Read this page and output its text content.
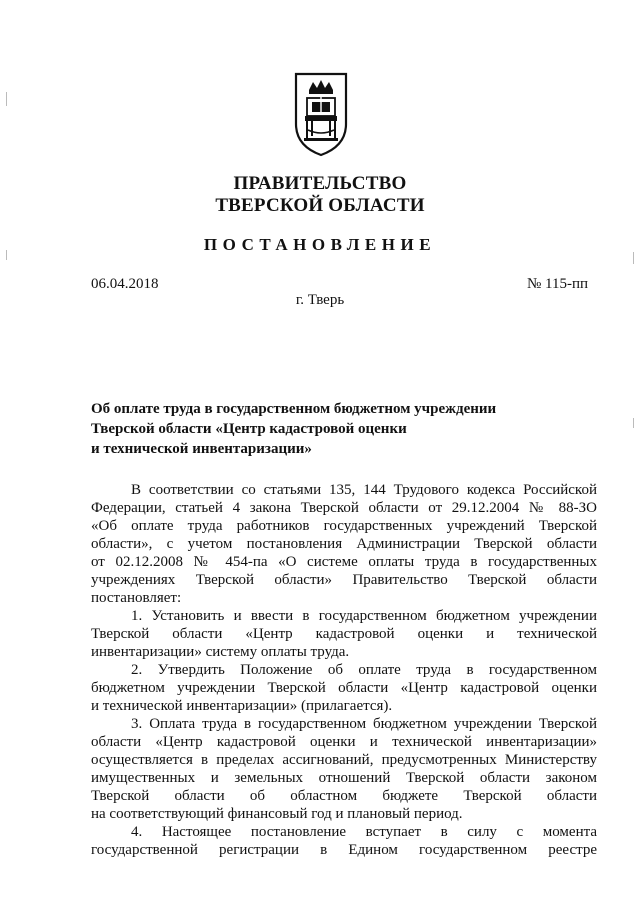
ПРАВИТЕЛЬСТВО
ТВЕРСКОЙ ОБЛАСТИ
ПОСТАНОВЛЕНИЕ
06.04.2018	№ 115-пп
г. Тверь
Об оплате труда в государственном бюджетном учреждении
Тверской области «Центр кадастровой оценки
и технической инвентаризации»
В соответствии со статьями 135, 144 Трудового кодекса Российской
Федерации, статьей 4 закона Тверской области от 29.12.2004 № 88-ЗО
«Об оплате труда работников государственных учреждений Тверской
области», с учетом постановления Администрации Тверской области
от 02.12.2008 № 454-па «О системе оплаты труда в государственных
учреждениях Тверской области» Правительство Тверской области
постановляет:
1. Установить и ввести в государственном бюджетном учреждении
Тверской области «Центр кадастровой оценки и технической
инвентаризации» систему оплаты труда.
2. Утвердить Положение об оплате труда в государственном
бюджетном учреждении Тверской области «Центр кадастровой оценки
и технической инвентаризации» (прилагается).
3. Оплата труда в государственном бюджетном учреждении Тверской
области «Центр кадастровой оценки и технической инвентаризации»
осуществляется в пределах ассигнований, предусмотренных Министерству
имущественных и земельных отношений Тверской области законом
Тверской области об областном бюджете Тверской области
на соответствующий финансовый год и плановый период.
4. Настоящее постановление вступает в силу с момента
государственной регистрации в Едином государственном реестре
